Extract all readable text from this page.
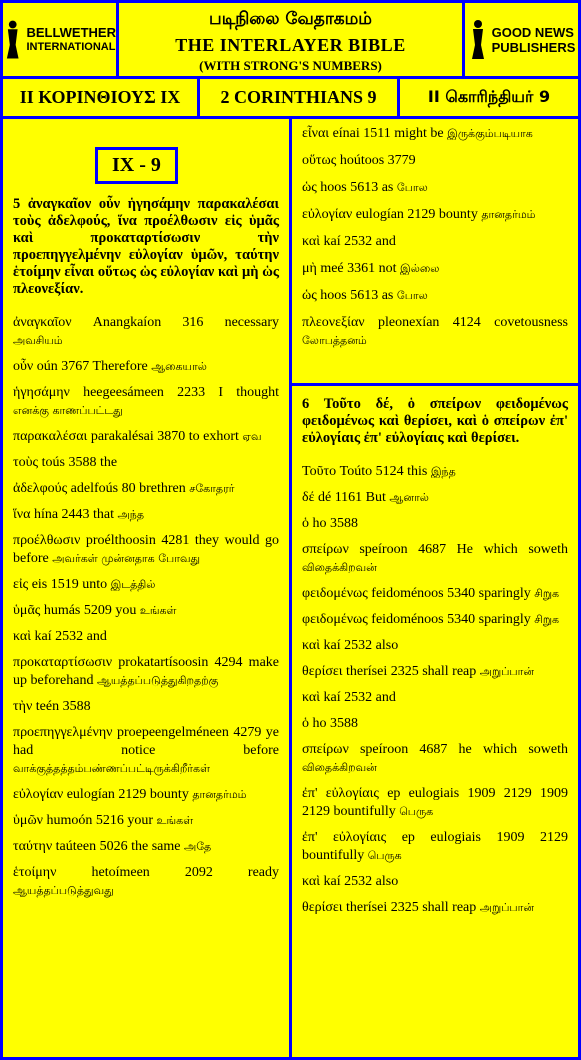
BELLWETHER
INTERNATIONAL
படிநிலை வேதாகமம்
THE INTERLAYER BIBLE
(WITH STRONG'S NUMBERS)
GOOD NEWS
PUBLISHERS
II ΚΟΡΙΝΘΙΟΥΣ IX 2 CORINTHIANS 9	II கொரிந்தியர் 9
IX - 9
5 ἀναγκαῖον οὖν ἡγησάμην παρακαλέσαι τοὺς ἀδελφούς, ἵνα προέλθωσιν εἰς ὑμᾶς καὶ προκαταρτίσωσιν τὴν προεπηγγελμένην εὐλογίαν ὑμῶν, ταύτην ἑτοίμην εἶναι οὕτως ὡς εὐλογίαν καὶ μὴ ὡς πλεονεξίαν.
ἀναγκαῖον Anangkaíon 316 necessary அவசியம்
οὖν oún 3767 Therefore ஆகையால்
ἡγησάμην heegeesámeen 2233 I thought எனக்கு காணப்பட்டது
παρακαλέσαι parakalésai 3870 to exhort ஏவ
τοὺς toús 3588 the
ἀδελφούς adelfoús 80 brethren சகோதரர்
ἵνα hína 2443 that அந்த
προέλθωσιν proélthoosin 4281 they would go before அவர்கள் முன்னதாக போவது
εἰς eis 1519 unto இடத்தில்
ὑμᾶς humás 5209 you உங்கள்
καὶ kaí 2532 and
προκαταρτίσωσιν prokatartísoosin 4294 make up beforehand ஆயத்தப்படுத்துகிறதற்கு
τὴν teén 3588
προεπηγγελμένην proepeengelméneen 4279 ye had notice before வாக்குத்தத்தம்பண்ணப்பட்டிருக்கிறீர்கள்
εὐλογίαν eulogían 2129 bounty தானதர்மம்
ὑμῶν humoón 5216 your உங்கள்
ταύτην taúteen 5026 the same அதே
ἑτοίμην	hetoímeen 2092 ready ஆயத்தப்படுத்துவது
εἶναι eínai 1511 might be இருக்கும்படியாக
οὕτως hoútoos 3779
ὡς hoos 5613 as போல
εὐλογίαν eulogían 2129 bounty தானதர்மம்
καὶ kaí 2532 and
μὴ meé 3361 not இல்லை
ὡς hoos 5613 as போல
πλεονεξίαν pleonexían 4124 covetousness லோபத்தனம்
6 Τοῦτο δέ, ὁ σπείρων φειδομένως φειδομένως καὶ θερίσει, καὶ ὁ σπείρων ἐπ' εὐλογίαις ἐπ' εὐλογίαις καὶ θερίσει.
Τοῦτο Toúto 5124 this இந்த
δέ dé 1161 But ஆனால்
ὁ ho 3588
σπείρων speíroon 4687 He which soweth விதைக்கிறவன்
φειδομένως feidoménoos 5340 sparingly சிறுக
φειδομένως feidoménoos 5340 sparingly சிறுக
καὶ kaí 2532 also
θερίσει therísei 2325 shall reap அறுப்பான்
καὶ kaí 2532 and
ὁ ho 3588
σπείρων speíroon 4687 he which soweth விதைக்கிறவன்
ἐπ' εὐλογίαις ep eulogiais 1909 2129 1909 2129 bountifully பெருக
ἐπ' εὐλογίαις ep eulogiais 1909 2129 bountifully பெருக
καὶ kaí 2532 also
θερίσει therísei 2325 shall reap அறுப்பான்
